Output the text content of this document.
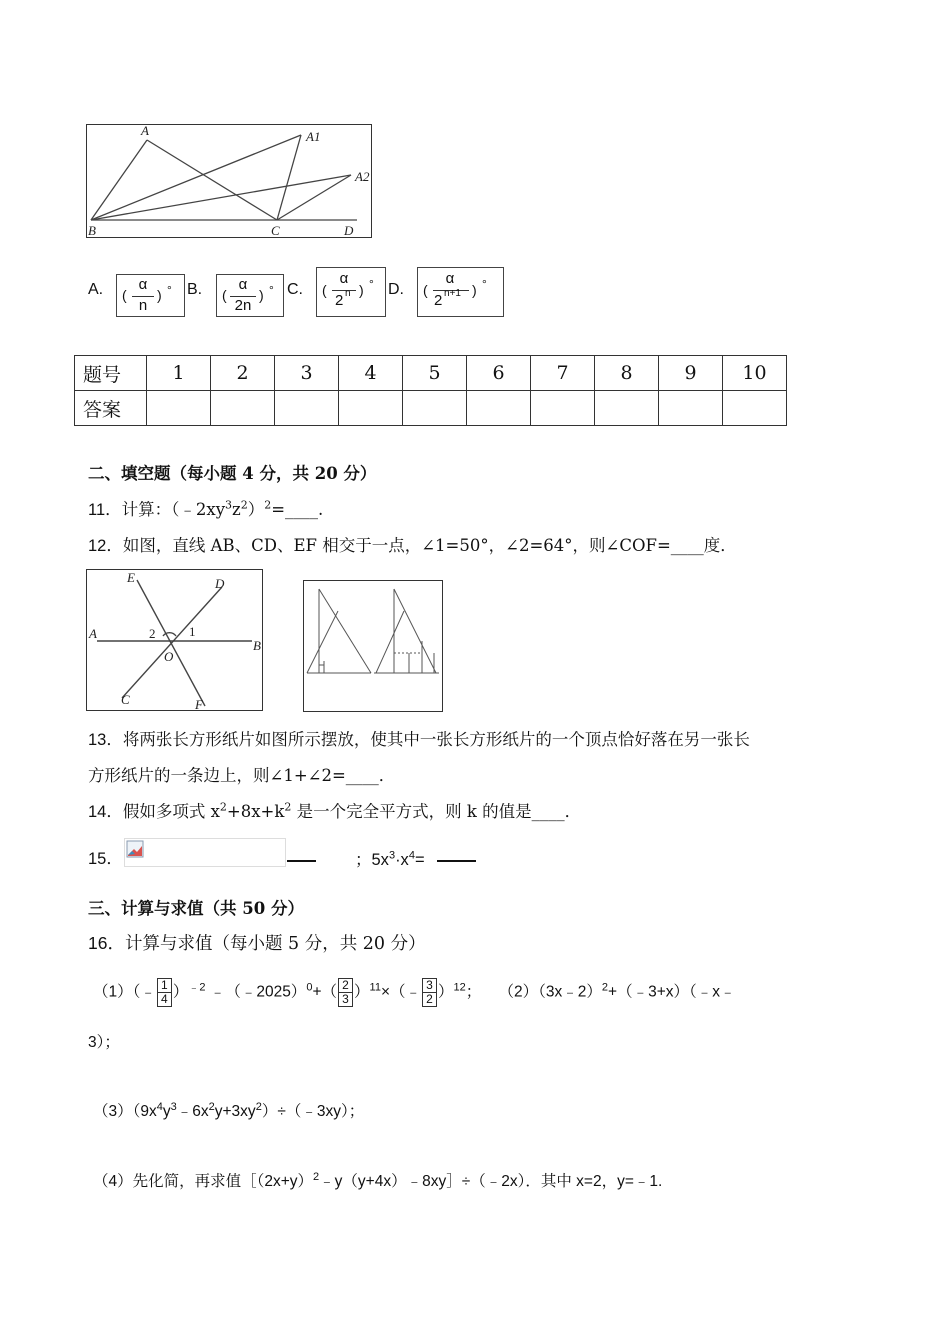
A	A1
A2
B	C	D
A. (
α
n
) ° B. (
α
2n
) ° C. (
α
2 n ) ° D. (
α
2 n+1 ) °
题号	1	2	3	4	5	6	7	8	9	10
答案										
二、填空题（每小题 4 分，共 20 分）
11．计算：$(﹣2xy^3z^2)^2=\_\_\_\_$.
12．如图，直线 AB、CD、EF 相交于一点，∠1=50°，∠2=64°，则∠COF=____度．
E	D
A	2	1
B
O
C	F
13．将两张长方形纸片如图所示摆放，使其中一张长方形纸片的一个顶点恰好落在另一张长
方形纸片的一条边上，则∠1+∠2=____．
14．假如多项式 $x^2+8x+k^2$ 是一个完全平方式，则 k 的值是____．
15．	；$5x^3\cdot x^4=$
三、计算与求值（共 50 分）
16．计算与求值（每小题 5 分，共 20 分）
（1）（﹣ $\frac{1}{4} )^{﹣2}$ ﹣（﹣2025）$^0$+（ $\frac{2}{3}$ ）$^{11}$×（﹣ $\frac{3}{2} )^{12}$； （2）（3x﹣2）$^2$+（﹣3+x）（﹣x﹣
3）；
$(3)(9x^4y^3﹣6x^2y+3xy^2)\div(﹣3xy)$；
（4）先化简，再求值$[(2x+y)^2﹣y(y+4x)﹣8xy]\div(﹣2x)$．其中 x=2，y=﹣1.
